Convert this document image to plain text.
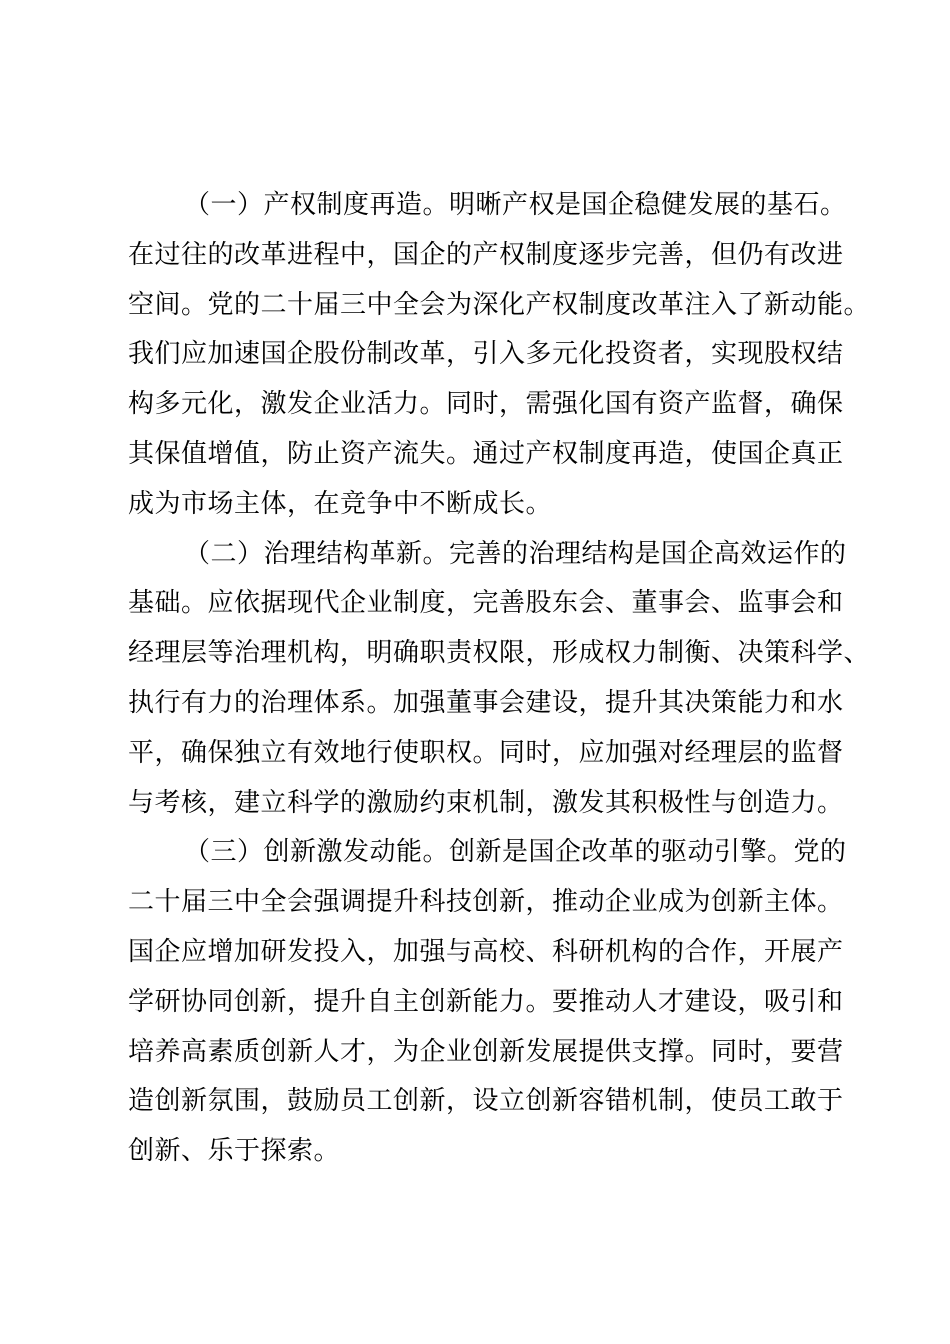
（一）产权制度再造。明晰产权是国企稳健发展的基石。

在过往的改革进程中，国企的产权制度逐步完善，但仍有改进

空间。党的二十届三中全会为深化产权制度改革注入了新动能。

我们应加速国企股份制改革，引入多元化投资者，实现股权结

构多元化，激发企业活力。同时，需强化国有资产监督，确保

其保值增值，防止资产流失。通过产权制度再造，使国企真正

成为市场主体，在竞争中不断成长。

（二）治理结构革新。完善的治理结构是国企高效运作的

基础。应依据现代企业制度，完善股东会、董事会、监事会和

经理层等治理机构，明确职责权限，形成权力制衡、决策科学、

执行有力的治理体系。加强董事会建设，提升其决策能力和水

平，确保独立有效地行使职权。同时，应加强对经理层的监督

与考核，建立科学的激励约束机制，激发其积极性与创造力。

（三）创新激发动能。创新是国企改革的驱动引擎。党的

二十届三中全会强调提升科技创新，推动企业成为创新主体。

国企应增加研发投入，加强与高校、科研机构的合作，开展产

学研协同创新，提升自主创新能力。要推动人才建设，吸引和

培养高素质创新人才，为企业创新发展提供支撑。同时，要营

造创新氛围，鼓励员工创新，设立创新容错机制，使员工敢于

创新、乐于探索。
